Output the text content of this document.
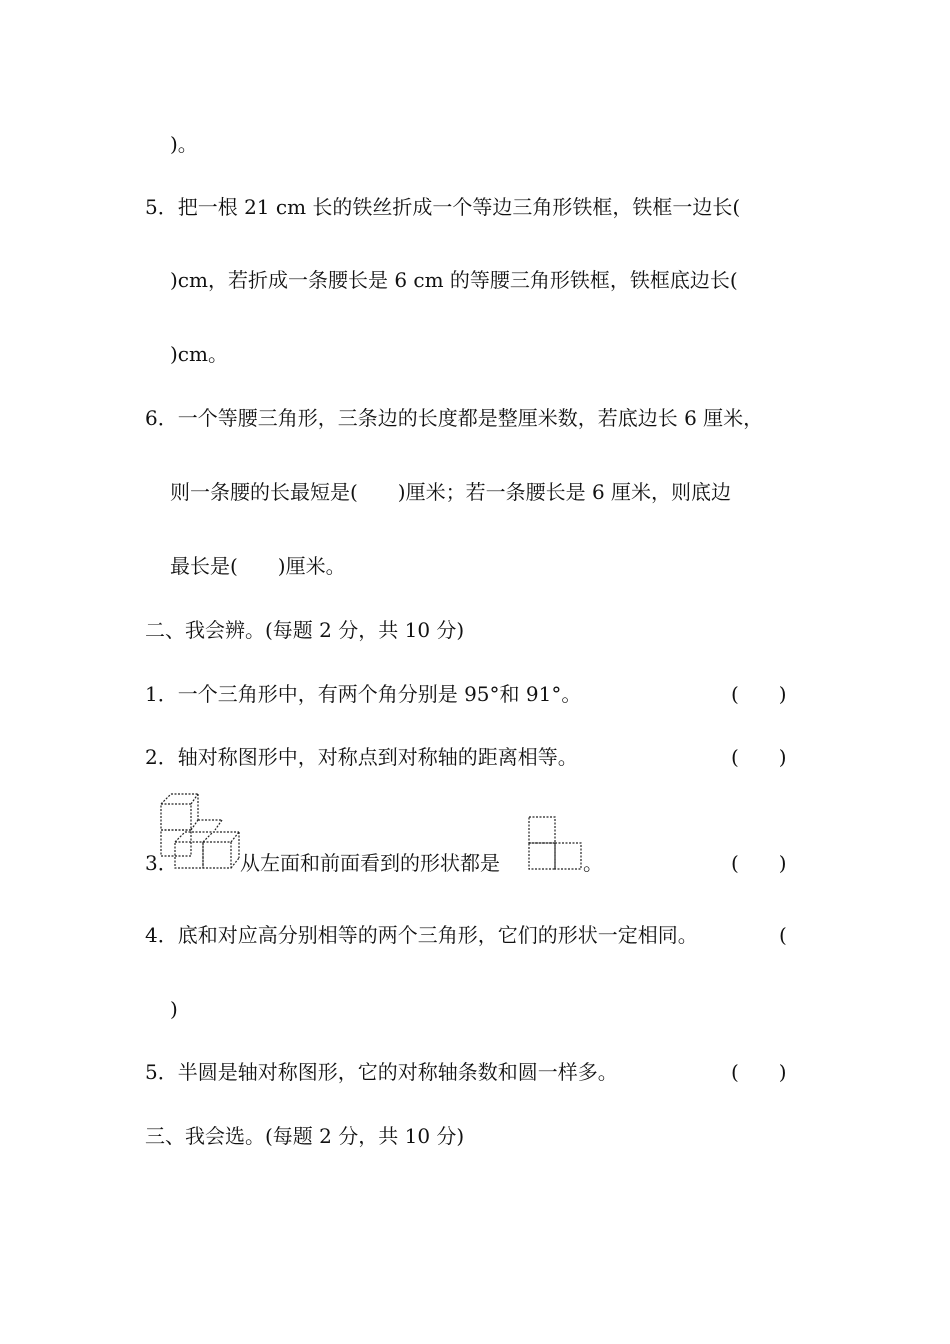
)。
5．把一根 21 cm 长的铁丝折成一个等边三角形铁框，铁框一边长(
)cm，若折成一条腰长是 6 cm 的等腰三角形铁框，铁框底边长(
)cm。
6．一个等腰三角形，三条边的长度都是整厘米数，若底边长 6 厘米，
则一条腰的长最短是(　　)厘米；若一条腰长是 6 厘米，则底边
最长是(　　)厘米。
二、我会辨。(每题 2 分，共 10 分)
1．一个三角形中，有两个角分别是 95°和 91°。	(　　)
2．轴对称图形中，对称点到对称轴的距离相等。	(　　)
3．	从左面和前面看到的形状都是	。	(　　)
4．底和对应高分别相等的两个三角形，它们的形状一定相同。	(
)
5．半圆是轴对称图形，它的对称轴条数和圆一样多。	(　　)
三、我会选。(每题 2 分，共 10 分)
